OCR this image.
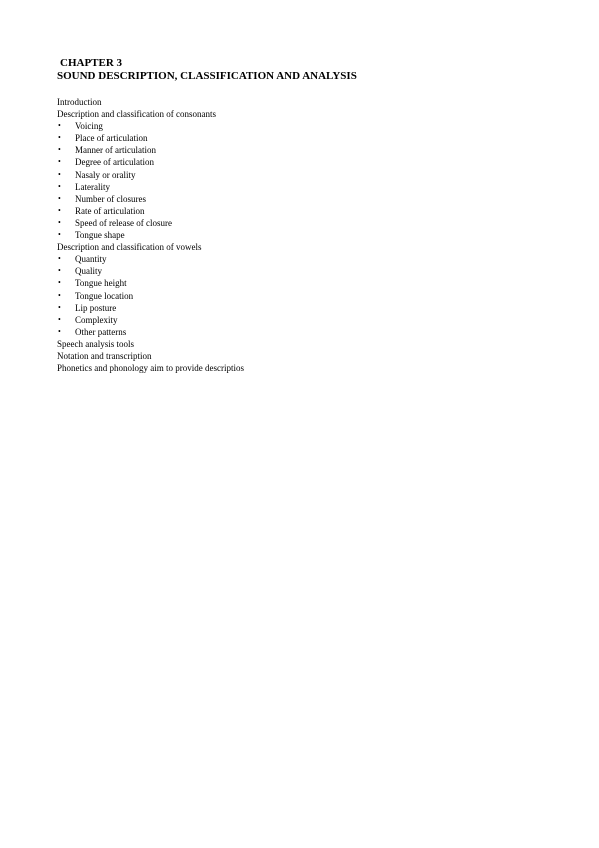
CHAPTER 3
SOUND DESCRIPTION, CLASSIFICATION AND ANALYSIS
Introduction
Description and classification of consonants
• Voicing
• Place of articulation
• Manner of articulation
• Degree of articulation
• Nasaly or orality
• Laterality
• Number of closures
• Rate of articulation
• Speed of release of closure
• Tongue shape
Description and classification of vowels
• Quantity
• Quality
• Tongue height
• Tongue location
• Lip posture
• Complexity
• Other patterns
Speech analysis tools
Notation and transcription
Phonetics and phonology aim to provide descriptios
